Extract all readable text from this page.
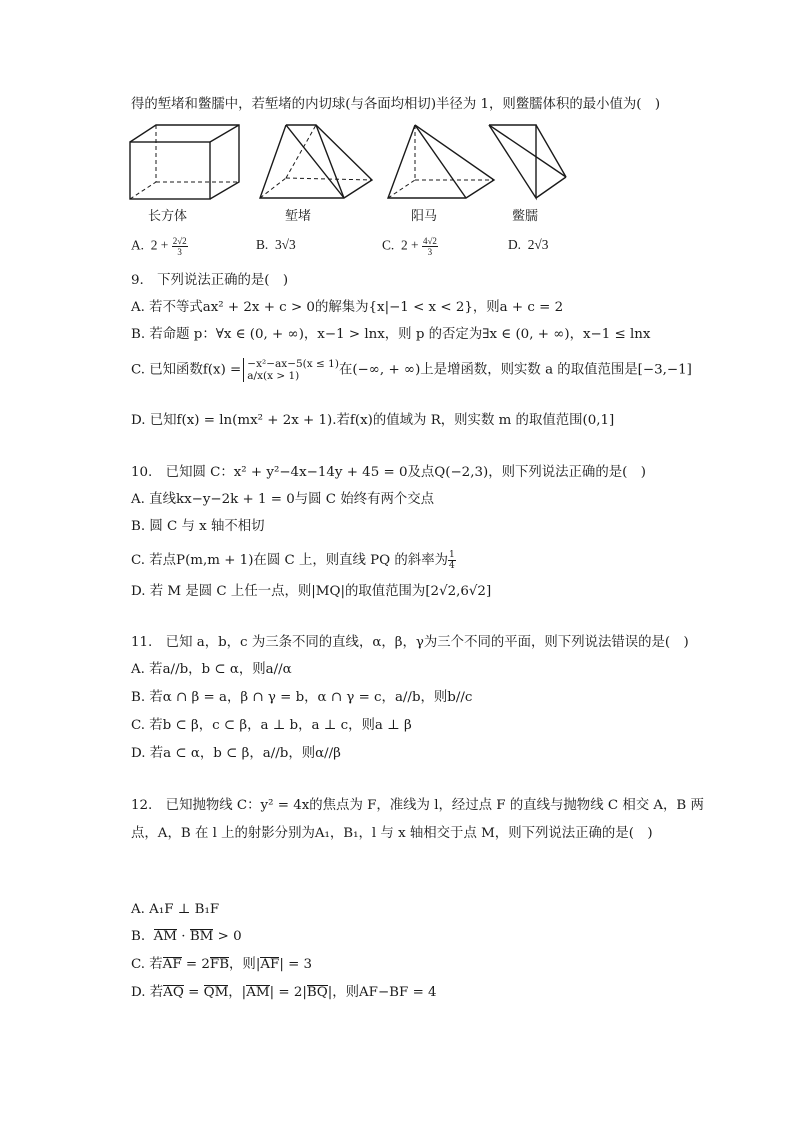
得的堑堵和鳖臑中，若堑堵的内切球(与各面均相切)半径为 1，则鳖臑体积的最小值为(　)
长方体	堑堵	阳马	鳖臑
A. $2 + \frac{2√2}{3}$	B. 3√3	C. $2 + \frac{4√2}{3}$	D. 2√3
9.　下列说法正确的是(　)
A. 若不等式ax² + 2x + c > 0的解集为{x|−1 < x < 2}，则a + c = 2
B. 若命题 p：∀x ∈ (0, + ∞)，x−1 > lnx，则 p 的否定为∃x ∈ (0, + ∞)，x−1 ≤ lnx
C. 已知函数f(x) = −x²−ax−5(x ≤ 1)
a/x(x > 1)	在(−∞, + ∞)上是增函数，则实数 a 的取值范围是[−3,−1]
D. 已知f(x) = ln(mx² + 2x + 1).若f(x)的值域为 R，则实数 m 的取值范围(0,1]
10.　已知圆 C：x² + y²−4x−14y + 45 = 0及点Q(−2,3)，则下列说法正确的是(　)
A. 直线kx−y−2k + 1 = 0与圆 C 始终有两个交点
B. 圆 C 与 x 轴不相切
C. 若点P(m,m + 1)在圆 C 上，则直线 PQ 的斜率为 $\frac{1}{4}$
D. 若 M 是圆 C 上任一点，则|MQ|的取值范围为[2√2,6√2]
11.　已知 a，b，c 为三条不同的直线，α，β，γ为三个不同的平面，则下列说法错误的是(　)
A. 若a//b，b ⊂ α，则a//α
B. 若α ∩ β = a，β ∩ γ = b，α ∩ γ = c，a//b，则b//c
C. 若b ⊂ β，c ⊂ β，a ⊥ b，a ⊥ c，则a ⊥ β
D. 若a ⊂ α，b ⊂ β，a//b，则α//β
12.　已知抛物线 C：y² = 4x的焦点为 F，准线为 l，经过点 F 的直线与抛物线 C 相交 A，B 两
点，A，B 在 l 上的射影分别为A₁，B₁，l 与 x 轴相交于点 M，则下列说法正确的是(　)
A. A₁F ⊥ B₁F
B. AM · BM > 0
C. 若AF = 2FB，则|AF| = 3
D. 若AQ = QM，|AM| = 2|BQ|，则AF−BF = 4
